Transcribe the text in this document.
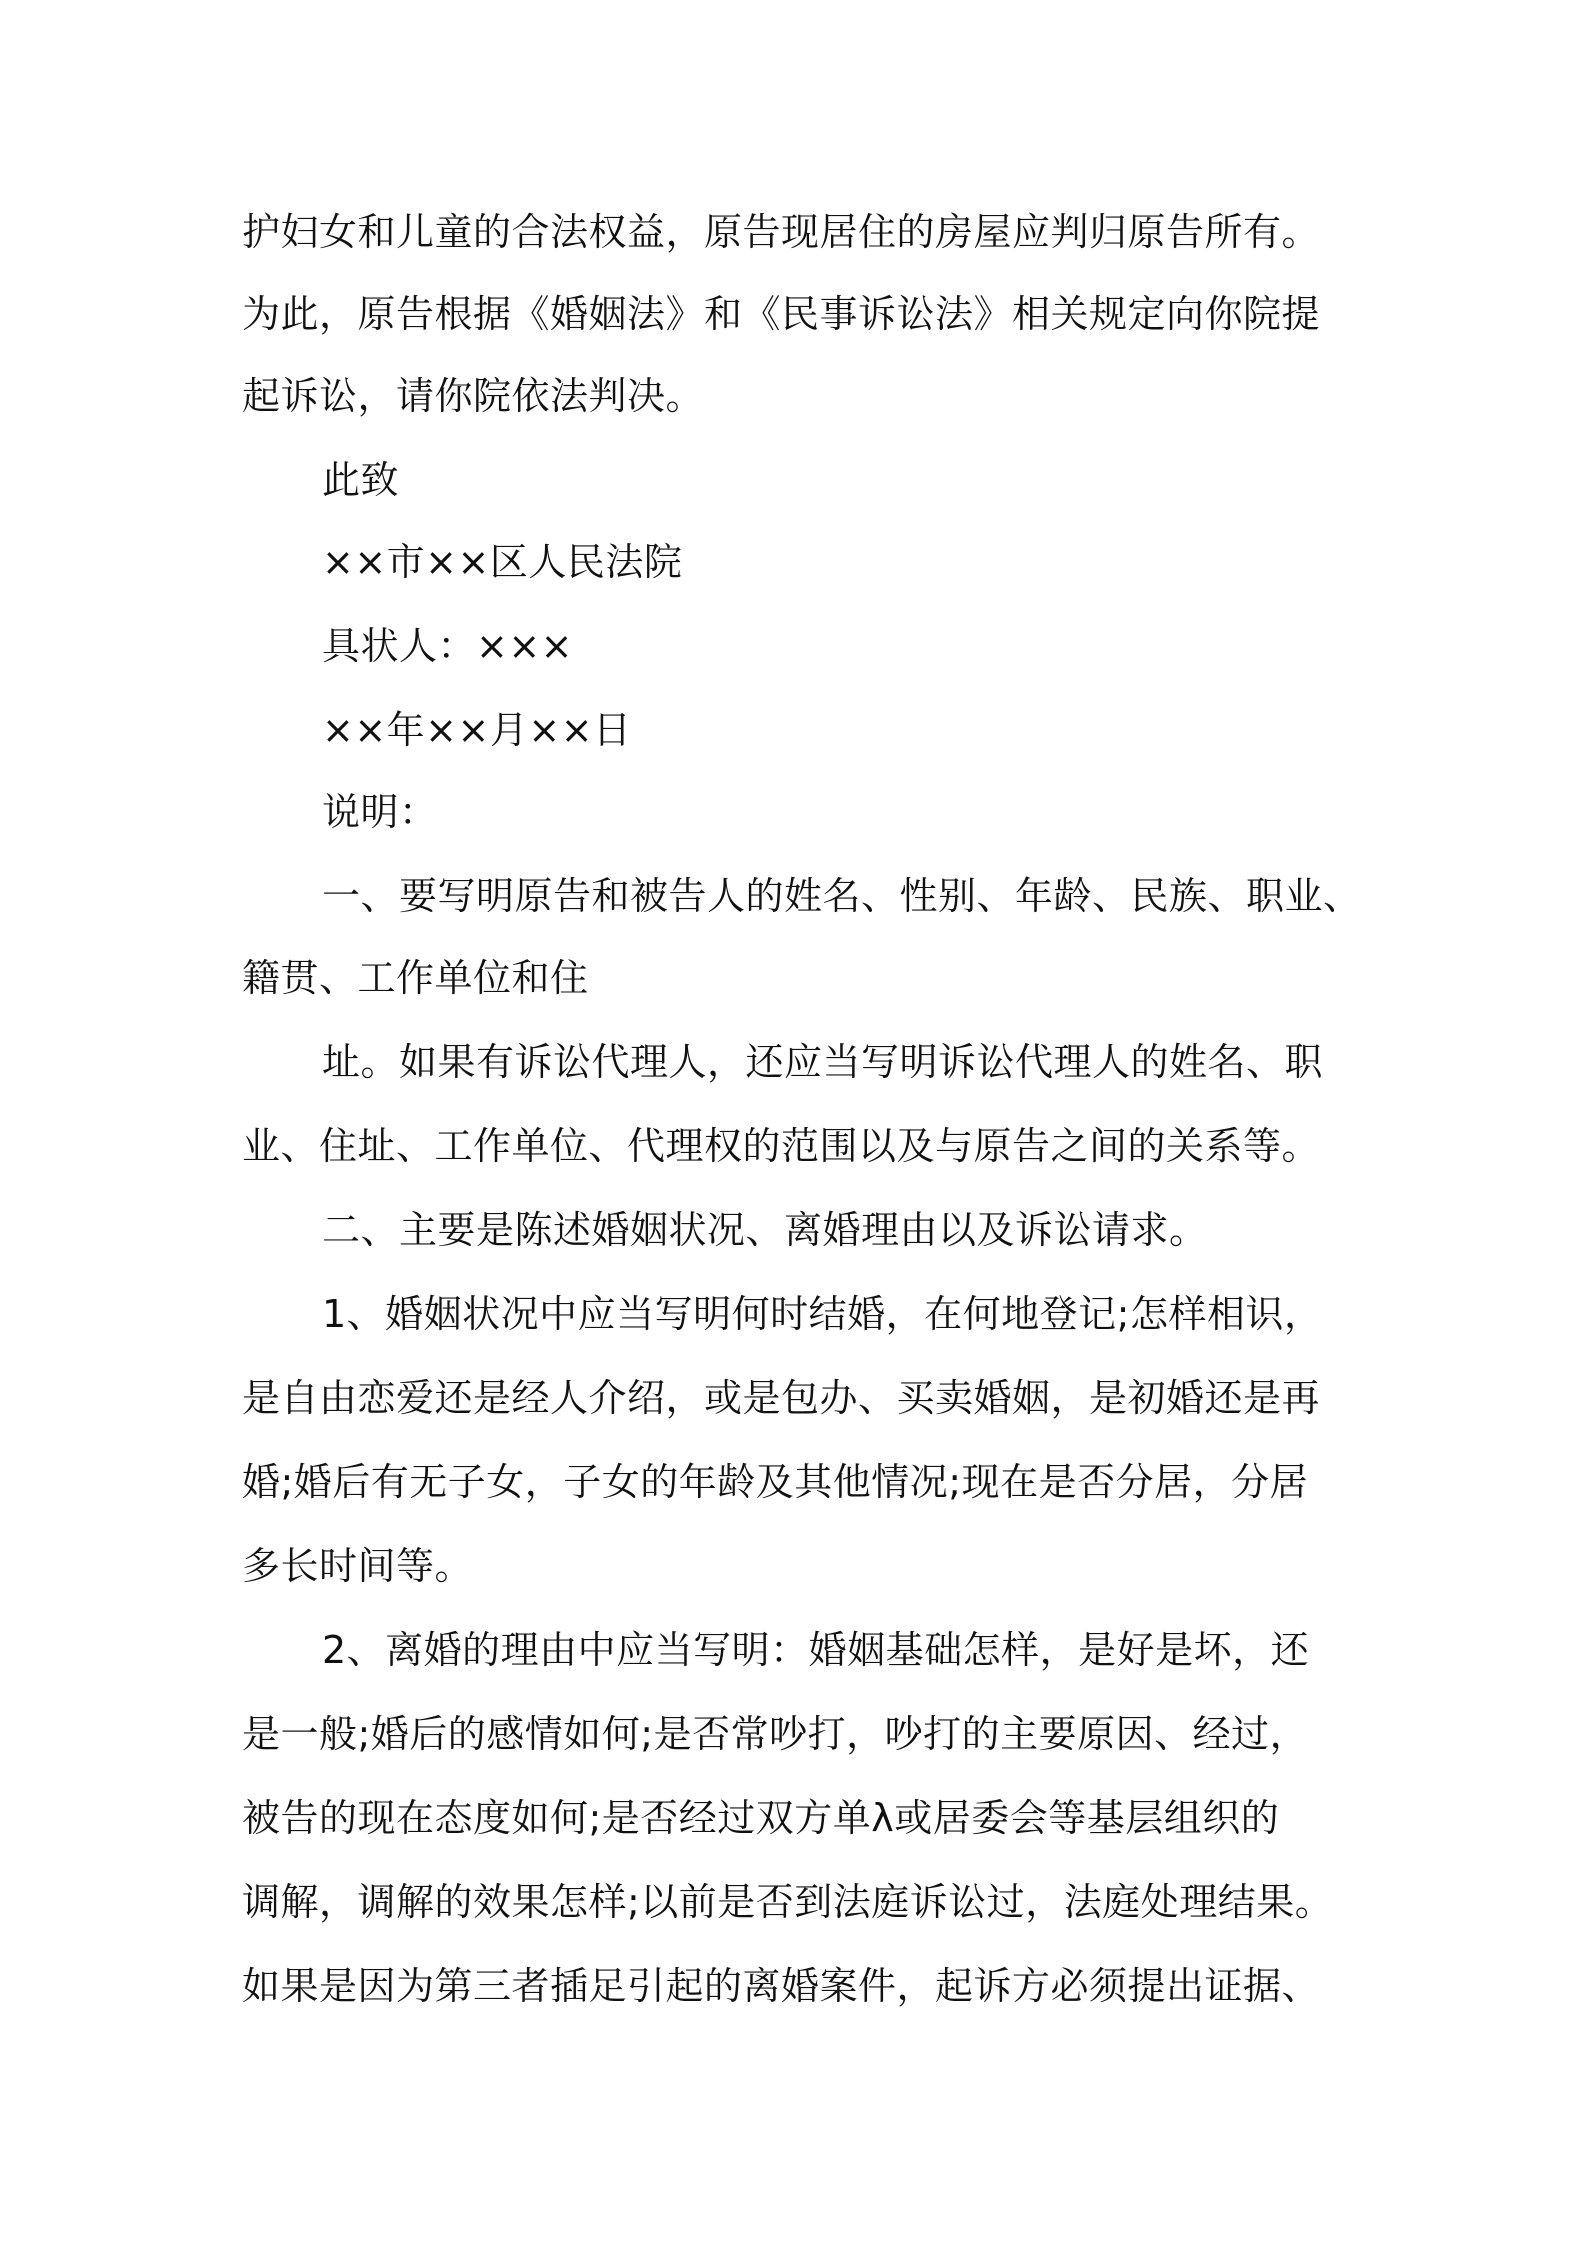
护妇女和儿童的合法权益，原告现居住的房屋应判归原告所有。
为此，原告根据《婚姻法》和《民事诉讼法》相关规定向你院提
起诉讼，请你院依法判决。
此致
××市××区人民法院
具状人：×××
××年××月××日
说明：
一、要写明原告和被告人的姓名、性别、年龄、民族、职业、
籍贯、工作单位和住
址。如果有诉讼代理人，还应当写明诉讼代理人的姓名、职
业、住址、工作单位、代理权的范围以及与原告之间的关系等。
二、主要是陈述婚姻状况、离婚理由以及诉讼请求。
1、婚姻状况中应当写明何时结婚，在何地登记;怎样相识，
是自由恋爱还是经人介绍，或是包办、买卖婚姻，是初婚还是再
婚;婚后有无子女，子女的年龄及其他情况;现在是否分居，分居
多长时间等。
2、离婚的理由中应当写明：婚姻基础怎样，是好是坏，还
是一般;婚后的感情如何;是否常吵打，吵打的主要原因、经过，
被告的现在态度如何;是否经过双方单λ或居委会等基层组织的
调解，调解的效果怎样;以前是否到法庭诉讼过，法庭处理结果。
如果是因为第三者插足引起的离婚案件，起诉方必须提出证据、
